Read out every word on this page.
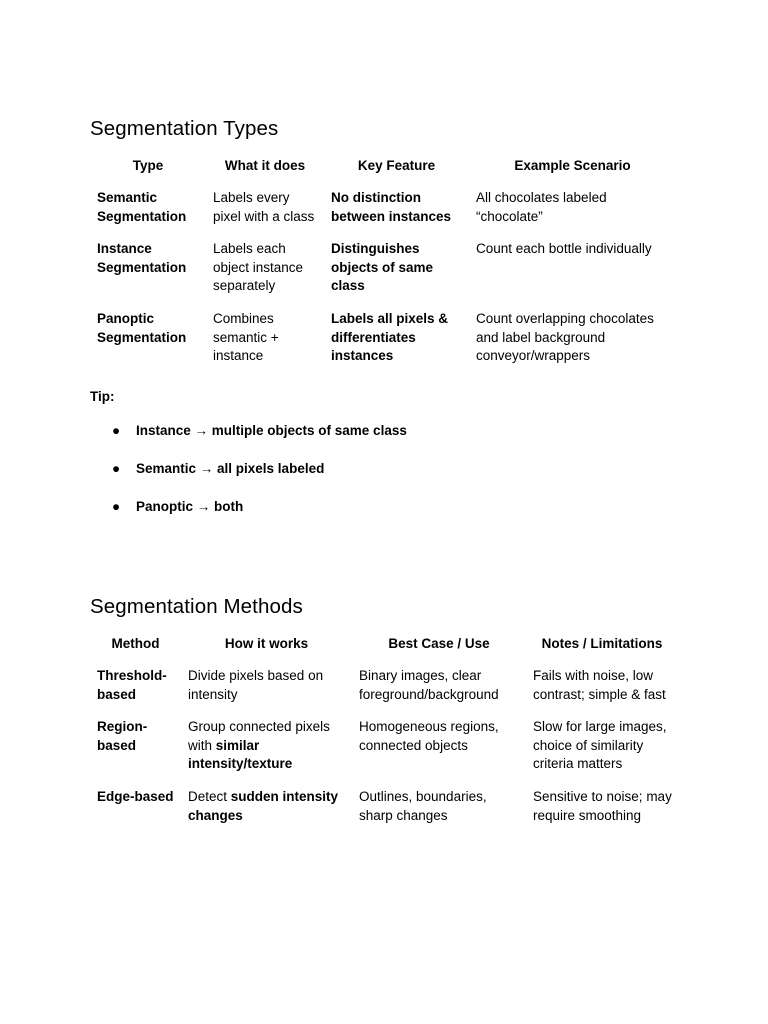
Segmentation Types
Type	What it does	Key Feature	Example Scenario
Semantic Segmentation	Labels every pixel with a class	No distinction between instances	All chocolates labeled “chocolate”
Instance Segmentation	Labels each object instance separately	Distinguishes objects of same class	Count each bottle individually
Panoptic Segmentation	Combines semantic + instance	Labels all pixels & differentiates instances	Count overlapping chocolates and label background conveyor/wrappers

Tip:

● Instance → multiple objects of same class
● Semantic → all pixels labeled
● Panoptic → both
Segmentation Methods
Method	How it works	Best Case / Use	Notes / Limitations
Threshold-based	Divide pixels based on intensity	Binary images, clear foreground/background	Fails with noise, low contrast; simple & fast
Region-based	Group connected pixels with similar intensity/texture	Homogeneous regions, connected objects	Slow for large images, choice of similarity criteria matters
Edge-based	Detect sudden intensity changes	Outlines, boundaries, sharp changes	Sensitive to noise; may require smoothing
